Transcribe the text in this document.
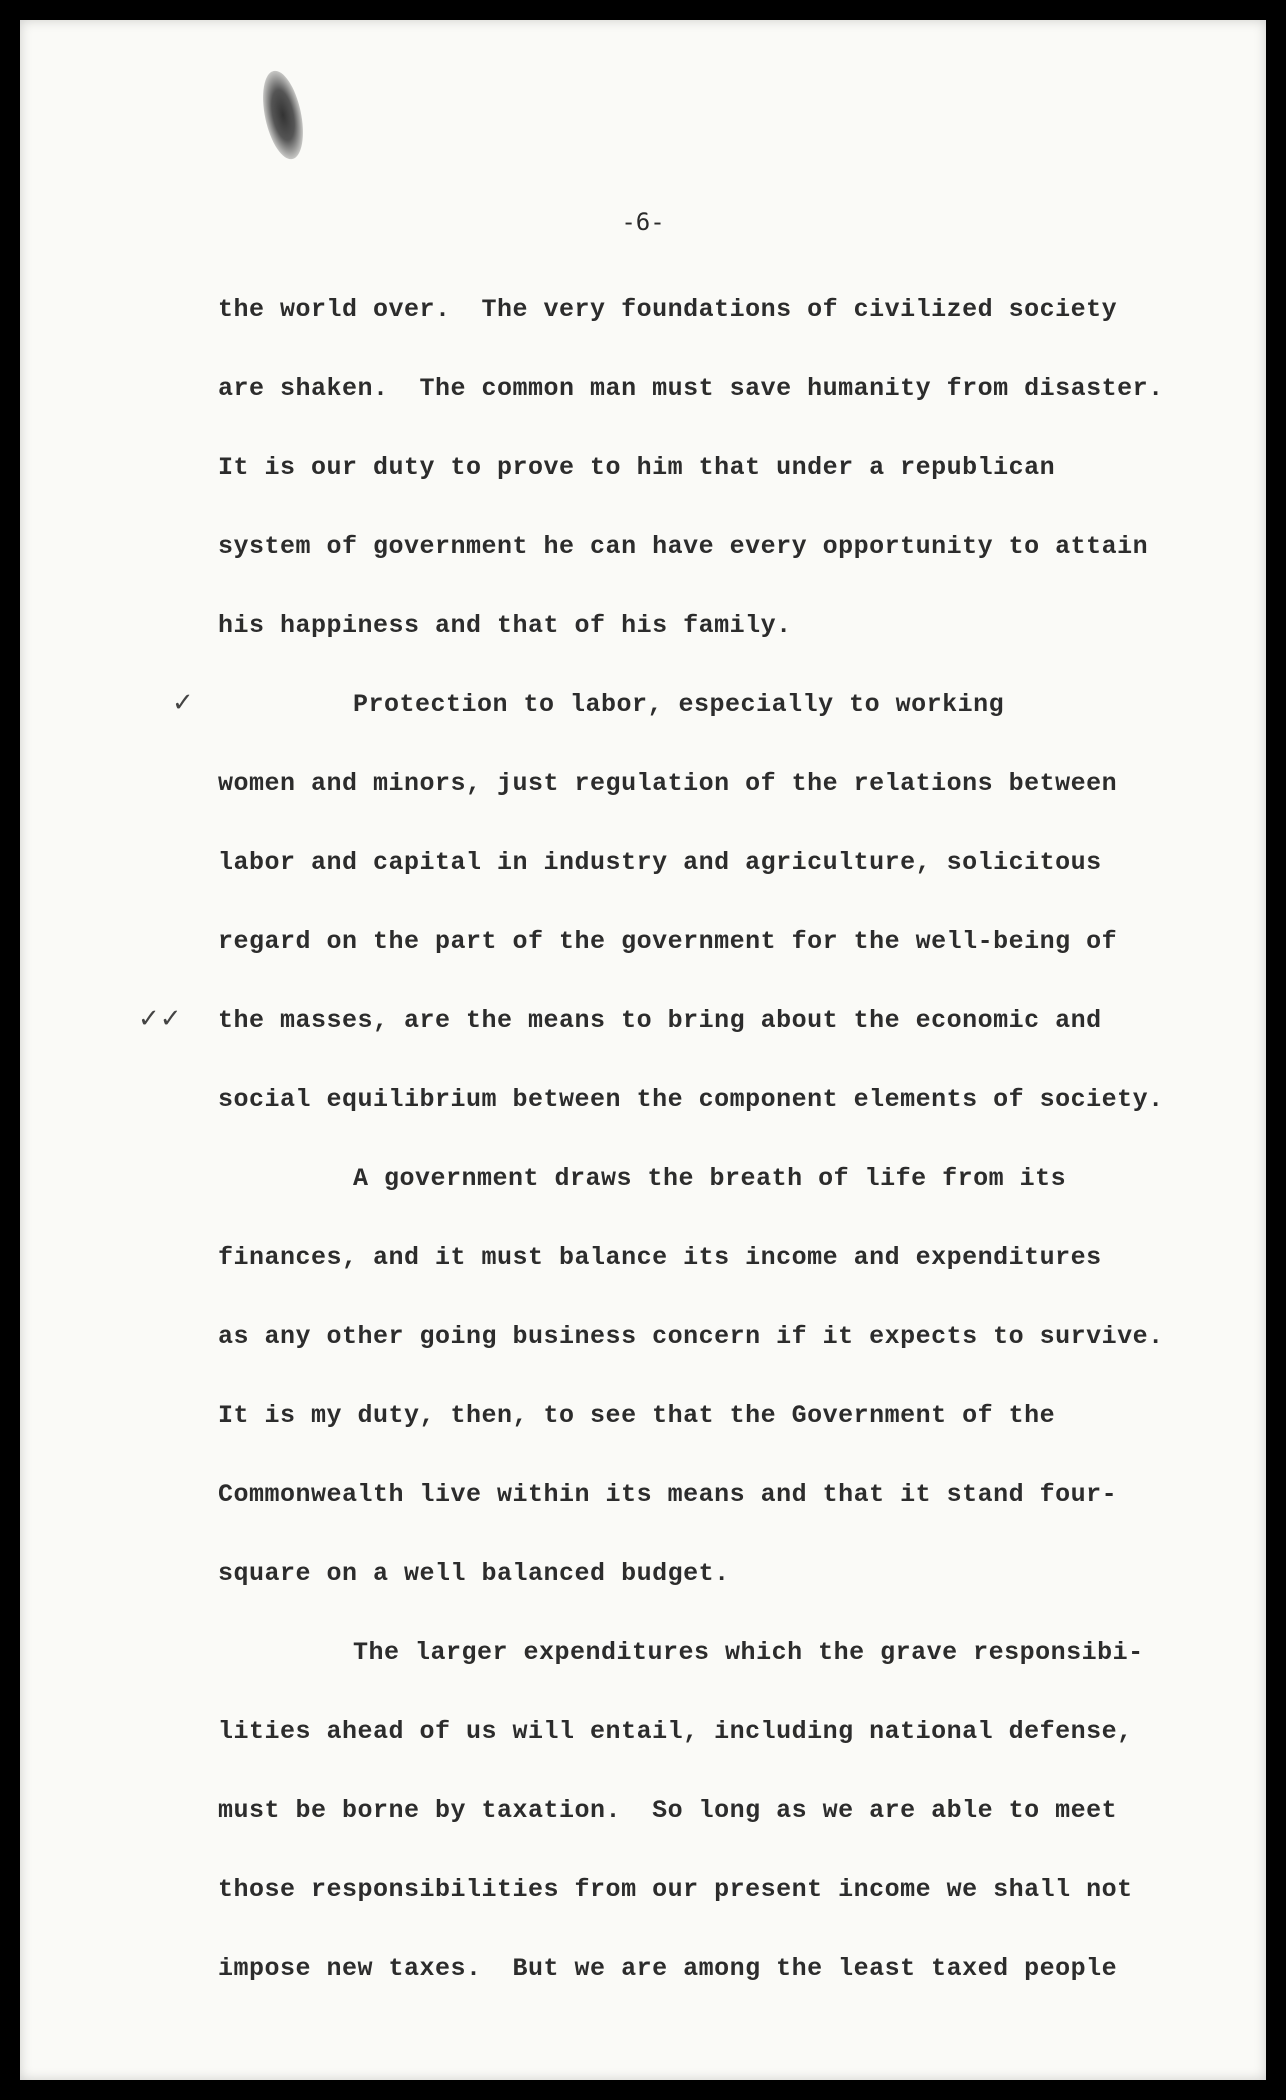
-6-
✓
✓✓
the world over.  The very foundations of civilized society
are shaken.  The common man must save humanity from disaster.
It is our duty to prove to him that under a republican
system of government he can have every opportunity to attain
his happiness and that of his family.
Protection to labor, especially to working
women and minors, just regulation of the relations between
labor and capital in industry and agriculture, solicitous
regard on the part of the government for the well-being of
the masses, are the means to bring about the economic and
social equilibrium between the component elements of society.
A government draws the breath of life from its
finances, and it must balance its income and expenditures
as any other going business concern if it expects to survive.
It is my duty, then, to see that the Government of the
Commonwealth live within its means and that it stand four-
square on a well balanced budget.
The larger expenditures which the grave responsibi-
lities ahead of us will entail, including national defense,
must be borne by taxation.  So long as we are able to meet
those responsibilities from our present income we shall not
impose new taxes.  But we are among the least taxed people
